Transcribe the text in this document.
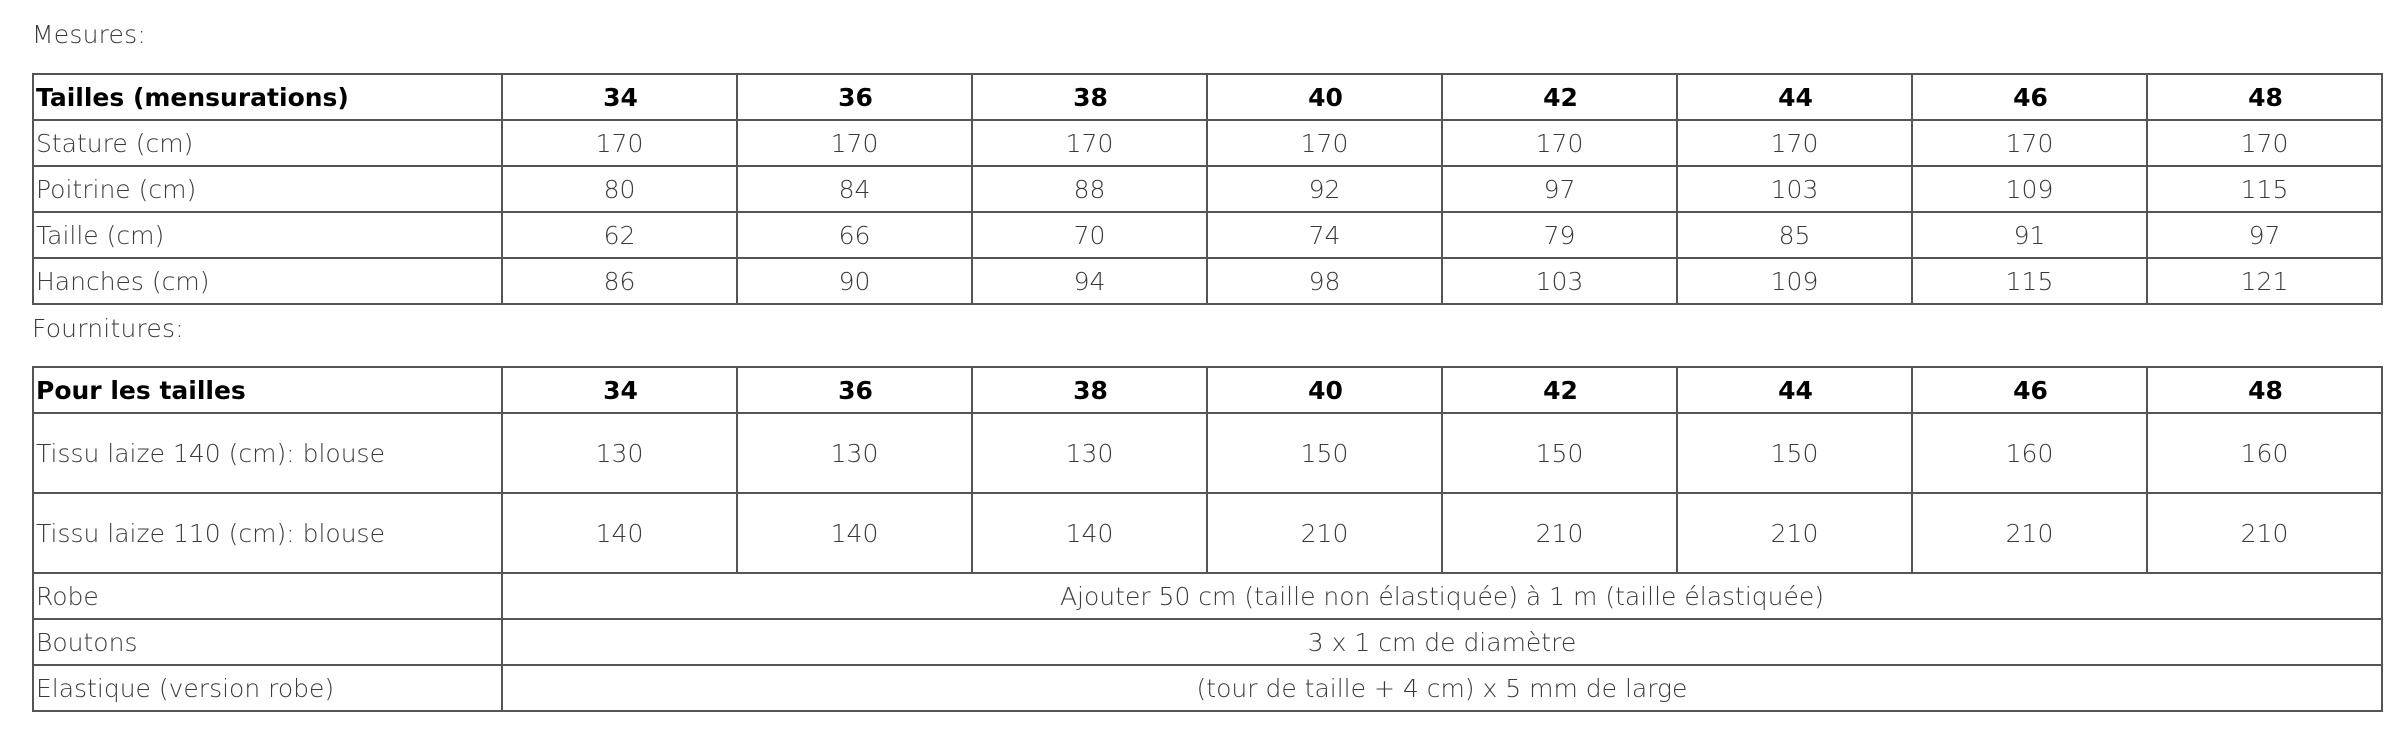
Mesures:
Tailles (mensurations)	34	36	38	40	42	44	46	48
Stature (cm)	170	170	170	170	170	170	170	170
Poitrine (cm)	80	84	88	92	97	103	109	115
Taille (cm)	62	66	70	74	79	85	91	97
Hanches (cm)	86	90	94	98	103	109	115	121
Fournitures:
Pour les tailles	34	36	38	40	42	44	46	48
Tissu laize 140 (cm): blouse	130	130	130	150	150	150	160	160
Tissu laize 110 (cm): blouse	140	140	140	210	210	210	210	210
Robe	Ajouter 50 cm (taille non élastiquée) à 1 m (taille élastiquée)							
Boutons	3 x 1 cm de diamètre							
Elastique (version robe)	(tour de taille + 4 cm) x 5 mm de large							
